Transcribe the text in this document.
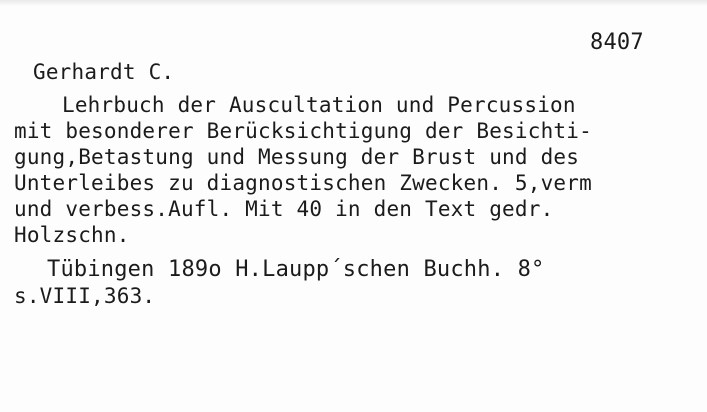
8407
Gerhardt C.
Lehrbuch der Auscultation und Percussion
mit besonderer Berücksichtigung der Besichti-
gung,Betastung und Messung der Brust und des
Unterleibes zu diagnostischen Zwecken. 5,verm
und verbess.Aufl. Mit 40 in den Text gedr.
Holzschn.
Tübingen 189o H.Laupp´schen Buchh. 8°
s.VIII,363.
